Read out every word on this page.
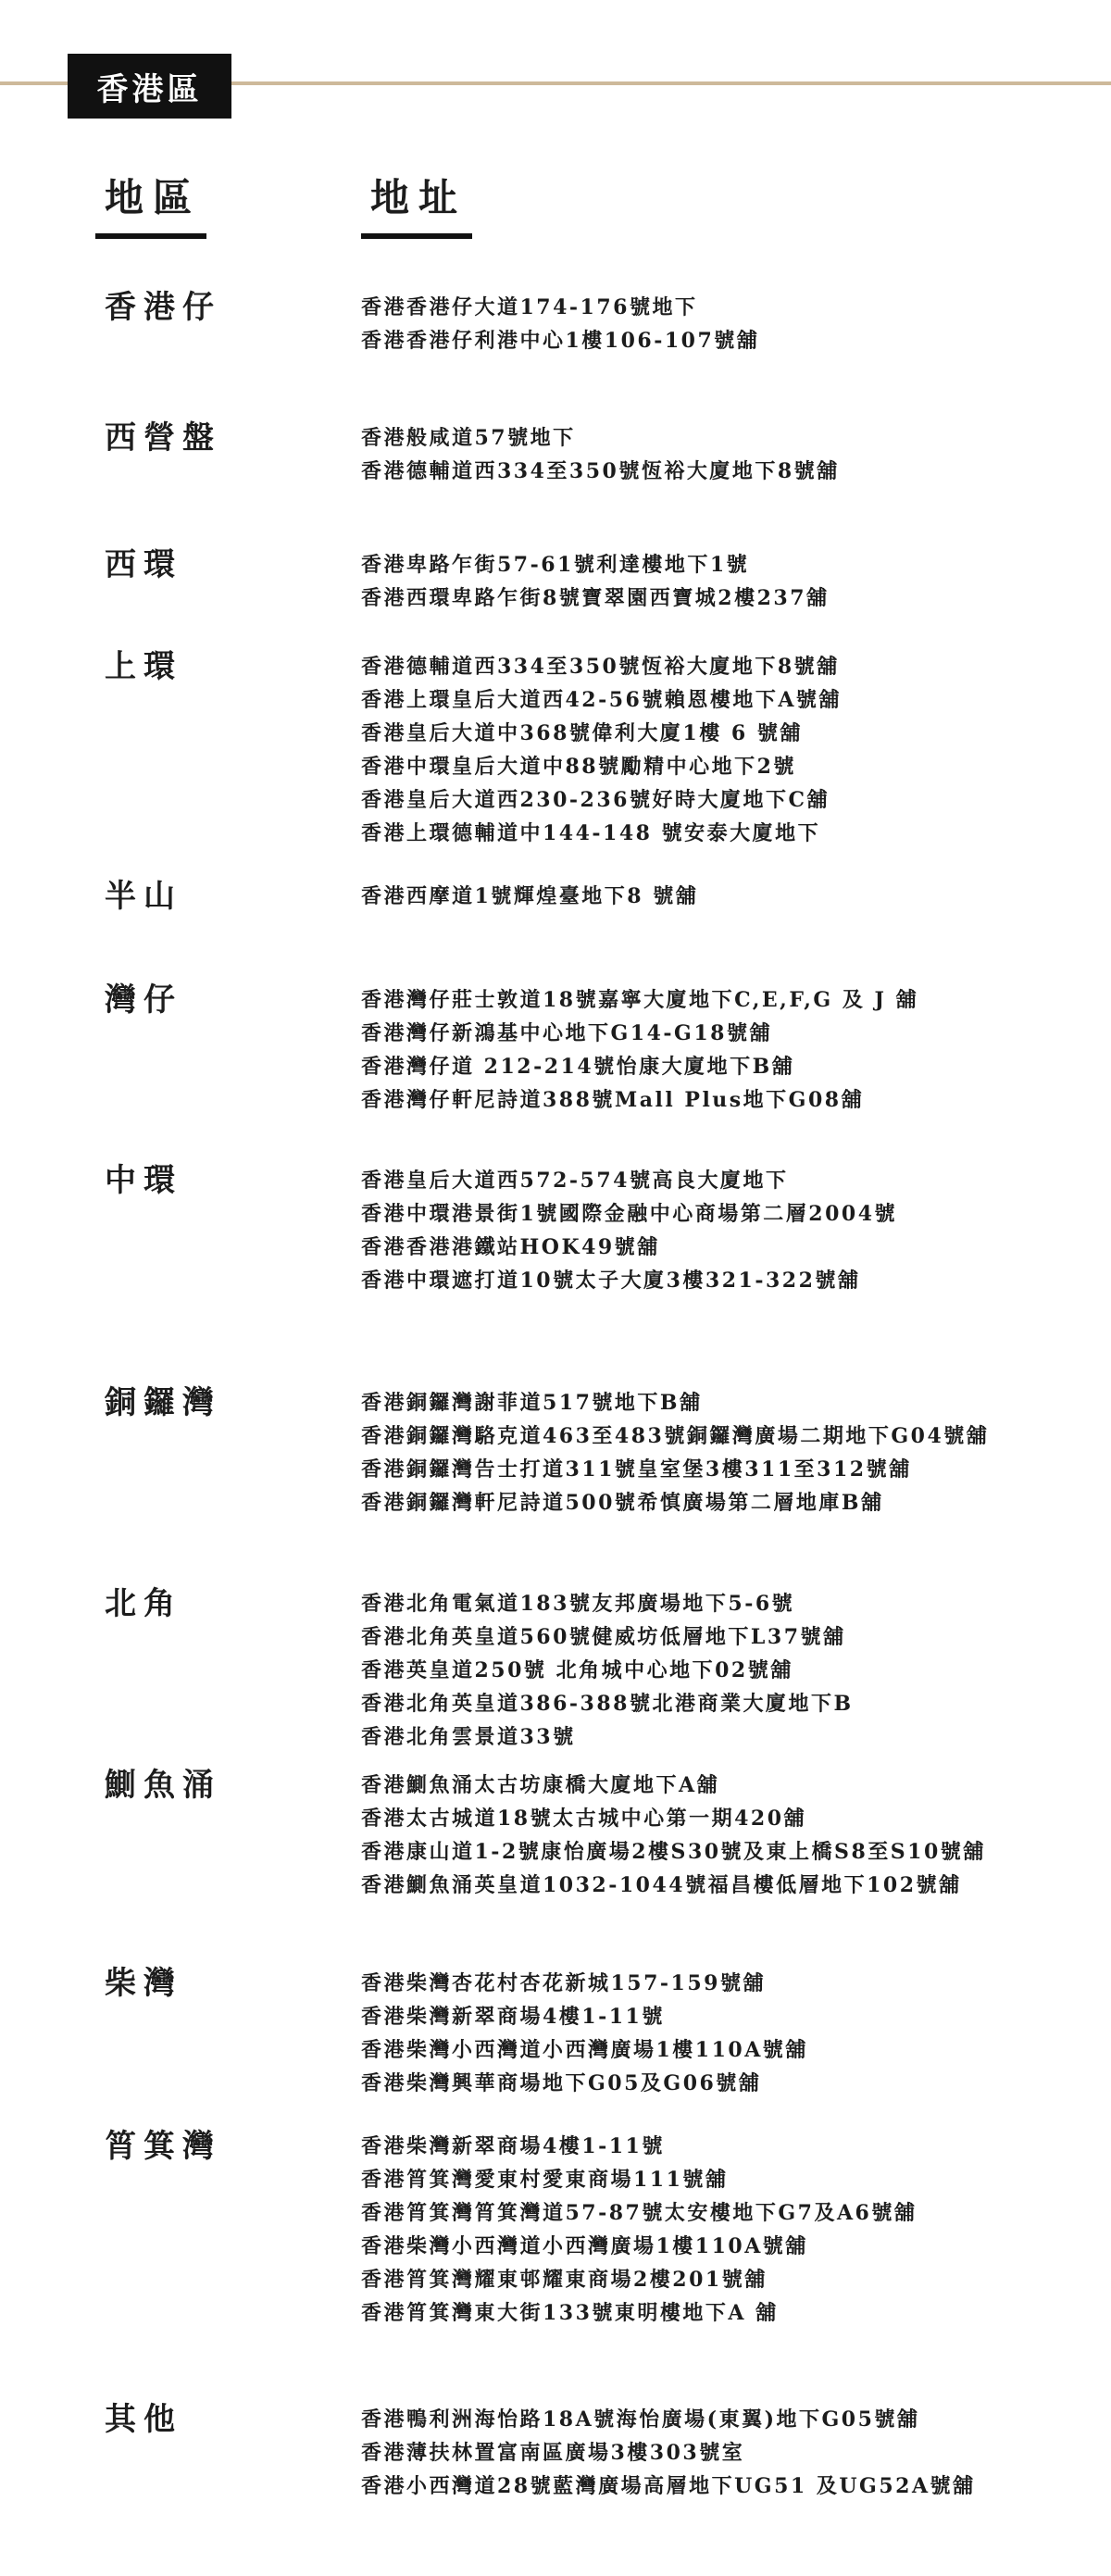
香港區
地區	地址
香港仔	香港香港仔大道174-176號地下
香港香港仔利港中心1樓106-107號舖
西營盤	香港般咸道57號地下
香港德輔道西334至350號恆裕大廈地下8號舖
西環	香港卑路乍街57-61號利達樓地下1號
香港西環卑路乍街8號寶翠園西寶城2樓237舖
上環	香港德輔道西334至350號恆裕大廈地下8號舖
香港上環皇后大道西42-56號賴恩樓地下A號舖
香港皇后大道中368號偉利大廈1樓 6 號舖
香港中環皇后大道中88號勵精中心地下2號
香港皇后大道西230-236號好時大廈地下C舖
香港上環德輔道中144-148 號安泰大廈地下
半山	香港西摩道1號輝煌臺地下8 號舖
灣仔	香港灣仔莊士敦道18號嘉寧大廈地下C,E,F,G 及 J 舖
香港灣仔新鴻基中心地下G14-G18號舖
香港灣仔道 212-214號怡康大廈地下B舖
香港灣仔軒尼詩道388號Mall Plus地下G08舖
中環	香港皇后大道西572-574號高良大廈地下
香港中環港景街1號國際金融中心商場第二層2004號
香港香港港鐵站HOK49號舖
香港中環遮打道10號太子大廈3樓321-322號舖
銅鑼灣	香港銅鑼灣謝菲道517號地下B舖
香港銅鑼灣駱克道463至483號銅鑼灣廣場二期地下G04號舖
香港銅鑼灣告士打道311號皇室堡3樓311至312號舖
香港銅鑼灣軒尼詩道500號希慎廣場第二層地庫B舖
北角	香港北角電氣道183號友邦廣場地下5-6號
香港北角英皇道560號健威坊低層地下L37號舖
香港英皇道250號 北角城中心地下02號舖
香港北角英皇道386-388號北港商業大廈地下B
香港北角雲景道33號
鰂魚涌	香港鰂魚涌太古坊康橋大廈地下A舖
香港太古城道18號太古城中心第一期420舖
香港康山道1-2號康怡廣場2樓S30號及東上橋S8至S10號舖
香港鰂魚涌英皇道1032-1044號福昌樓低層地下102號舖
柴灣	香港柴灣杏花村杏花新城157-159號舖
香港柴灣新翠商場4樓1-11號
香港柴灣小西灣道小西灣廣場1樓110A號舖
香港柴灣興華商場地下G05及G06號舖
筲箕灣	香港柴灣新翠商場4樓1-11號
香港筲箕灣愛東村愛東商場111號舖
香港筲箕灣筲箕灣道57-87號太安樓地下G7及A6號舖
香港柴灣小西灣道小西灣廣場1樓110A號舖
香港筲箕灣耀東邨耀東商場2樓201號舖
香港筲箕灣東大街133號東明樓地下A 舖
其他	香港鴨利洲海怡路18A號海怡廣場(東翼)地下G05號舖
香港薄扶林置富南區廣場3樓303號室
香港小西灣道28號藍灣廣場高層地下UG51 及UG52A號舖
